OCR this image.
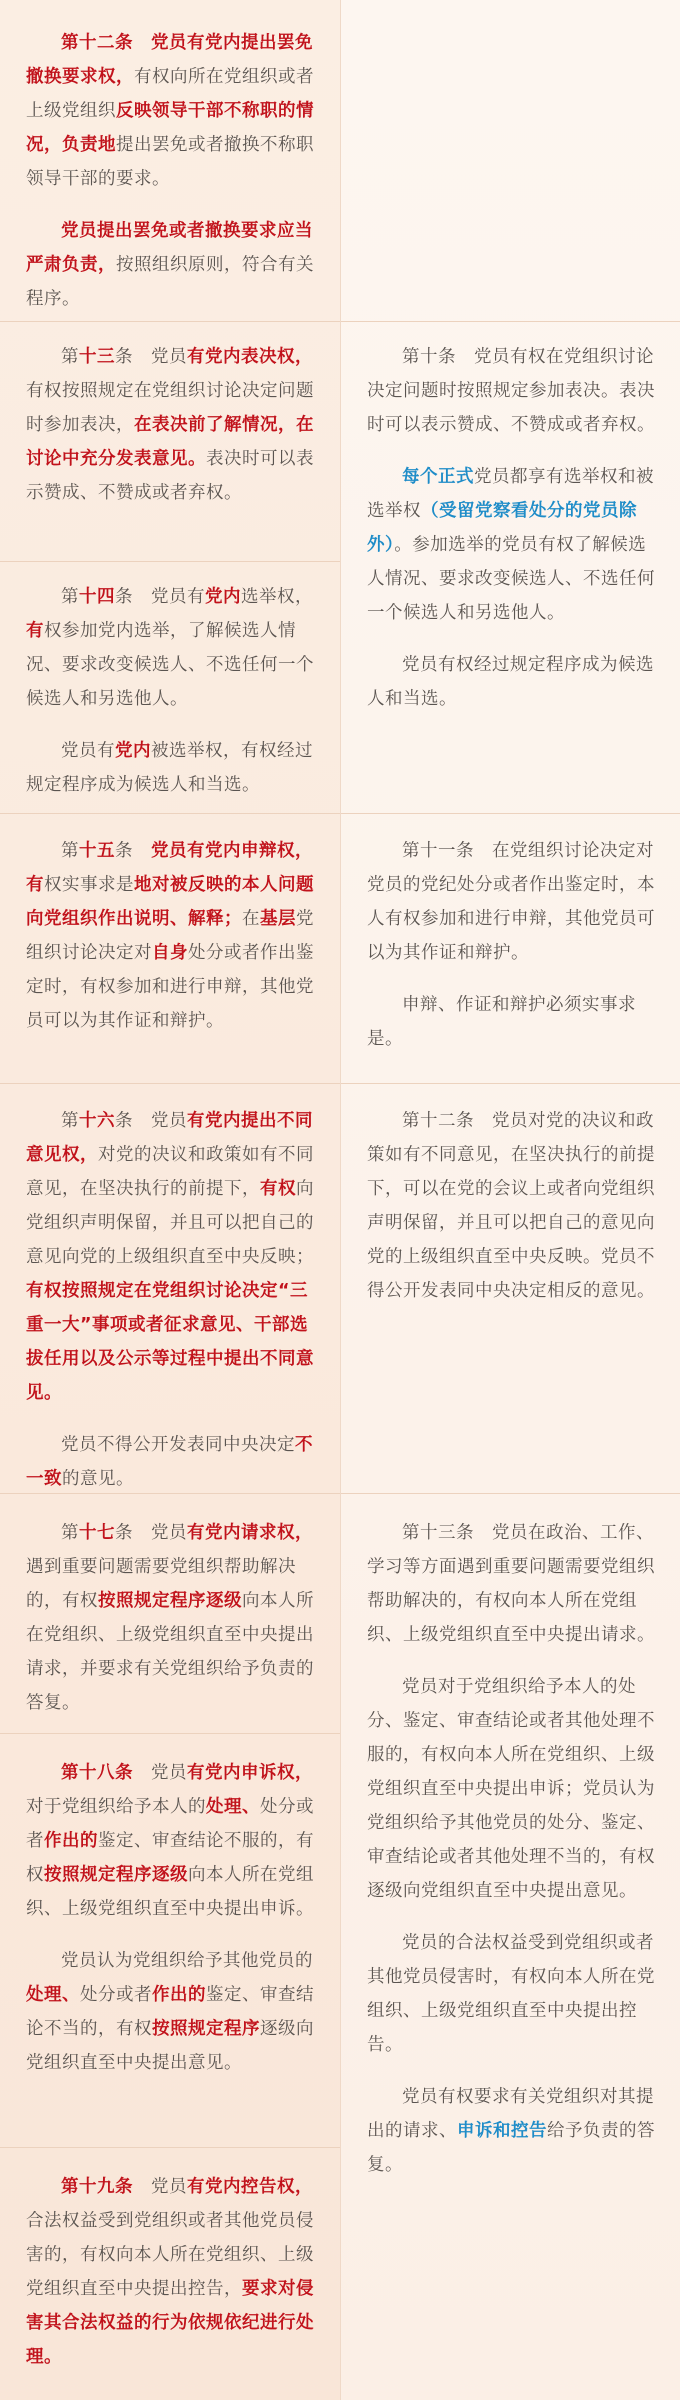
第十二条　党员有党内提出罢免撤换要求权，有权向所在党组织或者上级党组织反映领导干部不称职的情况，负责地提出罢免或者撤换不称职领导干部的要求。

党员提出罢免或者撤换要求应当严肃负责，按照组织原则，符合有关程序。

第十三条　党员有党内表决权，有权按照规定在党组织讨论决定问题时参加表决，在表决前了解情况，在讨论中充分发表意见。表决时可以表示赞成、不赞成或者弃权。

第十四条　党员有党内选举权，有权参加党内选举，了解候选人情况、要求改变候选人、不选任何一个候选人和另选他人。

党员有党内被选举权，有权经过规定程序成为候选人和当选。

第十五条　党员有党内申辩权，有权实事求是地对被反映的本人问题向党组织作出说明、解释；在基层党组织讨论决定对自身处分或者作出鉴定时，有权参加和进行申辩，其他党员可以为其作证和辩护。

第十六条　党员有党内提出不同意见权，对党的决议和政策如有不同意见，在坚决执行的前提下，有权向党组织声明保留，并且可以把自己的意见向党的上级组织直至中央反映；有权按照规定在党组织讨论决定“三重一大”事项或者征求意见、干部选拔任用以及公示等过程中提出不同意见。

党员不得公开发表同中央决定不一致的意见。

第十七条　党员有党内请求权，遇到重要问题需要党组织帮助解决的，有权按照规定程序逐级向本人所在党组织、上级党组织直至中央提出请求，并要求有关党组织给予负责的答复。

第十八条　党员有党内申诉权，对于党组织给予本人的处理、处分或者作出的鉴定、审查结论不服的，有权按照规定程序逐级向本人所在党组织、上级党组织直至中央提出申诉。

党员认为党组织给予其他党员的处理、处分或者作出的鉴定、审查结论不当的，有权按照规定程序逐级向党组织直至中央提出意见。

第十九条　党员有党内控告权，合法权益受到党组织或者其他党员侵害的，有权向本人所在党组织、上级党组织直至中央提出控告，要求对侵害其合法权益的行为依规依纪进行处理。

第十条　党员有权在党组织讨论决定问题时按照规定参加表决。表决时可以表示赞成、不赞成或者弃权。

每个正式党员都享有选举权和被选举权（受留党察看处分的党员除外）。参加选举的党员有权了解候选人情况、要求改变候选人、不选任何一个候选人和另选他人。

党员有权经过规定程序成为候选人和当选。

第十一条　在党组织讨论决定对党员的党纪处分或者作出鉴定时，本人有权参加和进行申辩，其他党员可以为其作证和辩护。

申辩、作证和辩护必须实事求是。

第十二条　党员对党的决议和政策如有不同意见，在坚决执行的前提下，可以在党的会议上或者向党组织声明保留，并且可以把自己的意见向党的上级组织直至中央反映。党员不得公开发表同中央决定相反的意见。

第十三条　党员在政治、工作、学习等方面遇到重要问题需要党组织帮助解决的，有权向本人所在党组织、上级党组织直至中央提出请求。

党员对于党组织给予本人的处分、鉴定、审查结论或者其他处理不服的，有权向本人所在党组织、上级党组织直至中央提出申诉；党员认为党组织给予其他党员的处分、鉴定、审查结论或者其他处理不当的，有权逐级向党组织直至中央提出意见。

党员的合法权益受到党组织或者其他党员侵害时，有权向本人所在党组织、上级党组织直至中央提出控告。

党员有权要求有关党组织对其提出的请求、申诉和控告给予负责的答复。
